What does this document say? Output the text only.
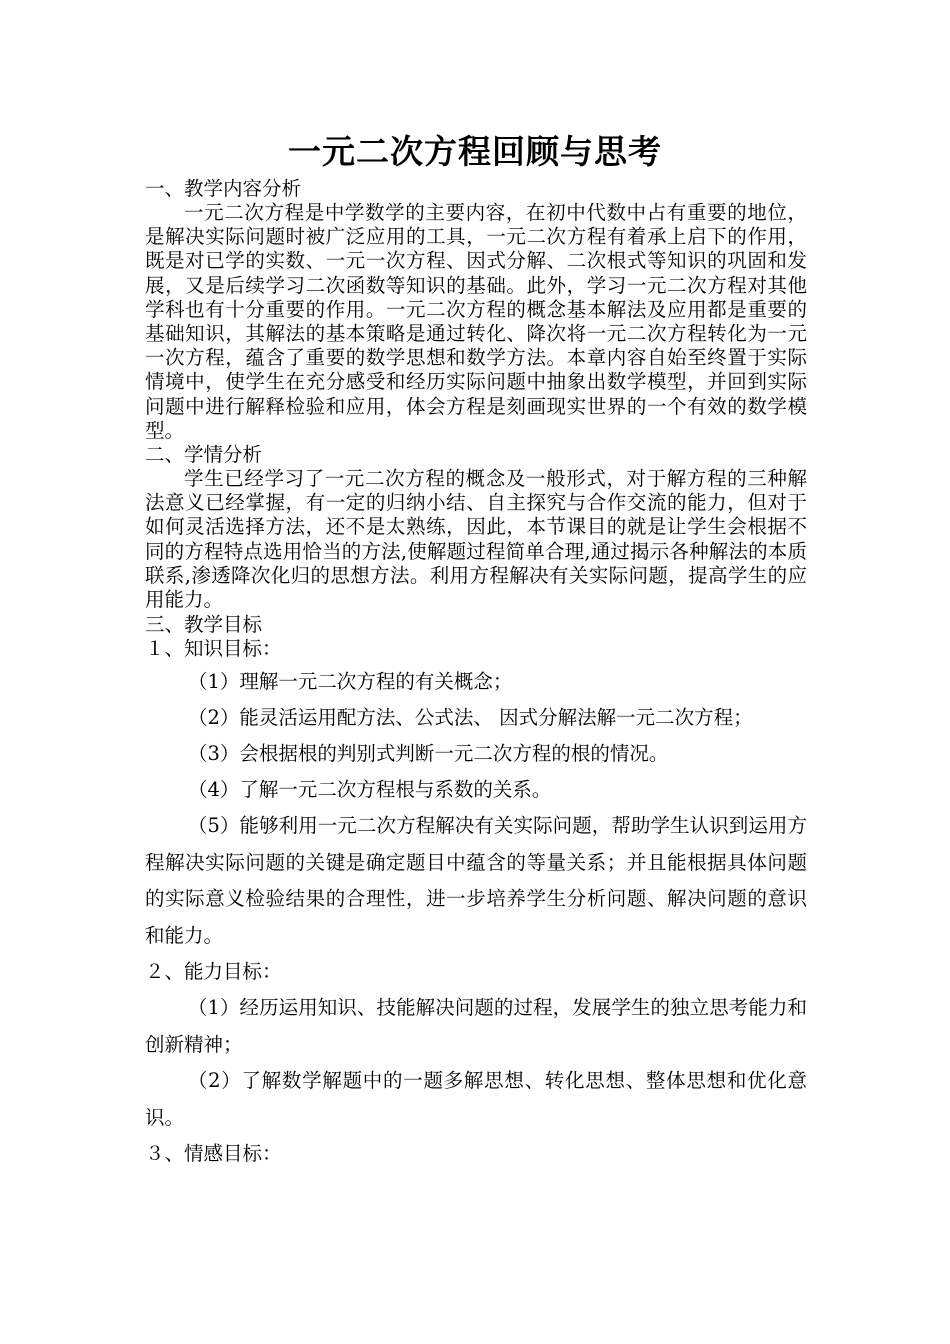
一元二次方程回顾与思考
一、教学内容分析

一元二次方程是中学数学的主要内容，在初中代数中占有重要的地位，是解决实际问题时被广泛应用的工具，一元二次方程有着承上启下的作用，既是对已学的实数、一元一次方程、因式分解、二次根式等知识的巩固和发展，又是后续学习二次函数等知识的基础。此外，学习一元二次方程对其他学科也有十分重要的作用。一元二次方程的概念基本解法及应用都是重要的基础知识，其解法的基本策略是通过转化、降次将一元二次方程转化为一元一次方程，蕴含了重要的数学思想和数学方法。本章内容自始至终置于实际情境中，使学生在充分感受和经历实际问题中抽象出数学模型，并回到实际问题中进行解释检验和应用，体会方程是刻画现实世界的一个有效的数学模型。

二、学情分析

学生已经学习了一元二次方程的概念及一般形式，对于解方程的三种解法意义已经掌握，有一定的归纳小结、自主探究与合作交流的能力，但对于如何灵活选择方法，还不是太熟练，因此，本节课目的就是让学生会根据不同的方程特点选用恰当的方法,使解题过程简单合理,通过揭示各种解法的本质联系,渗透降次化归的思想方法。利用方程解决有关实际问题，提高学生的应用能力。

三、教学目标
１、知识目标：
（1）理解一元二次方程的有关概念；
（2）能灵活运用配方法、公式法、 因式分解法解一元二次方程；
（3）会根据根的判别式判断一元二次方程的根的情况。
（4）了解一元二次方程根与系数的关系。

（5）能够利用一元二次方程解决有关实际问题，帮助学生认识到运用方程解决实际问题的关键是确定题目中蕴含的等量关系；并且能根据具体问题的实际意义检验结果的合理性，进一步培养学生分析问题、解决问题的意识和能力。

２、能力目标：

（1）经历运用知识、技能解决问题的过程，发展学生的独立思考能力和创新精神；

（2）了解数学解题中的一题多解思想、转化思想、整体思想和优化意识。

３、情感目标：
